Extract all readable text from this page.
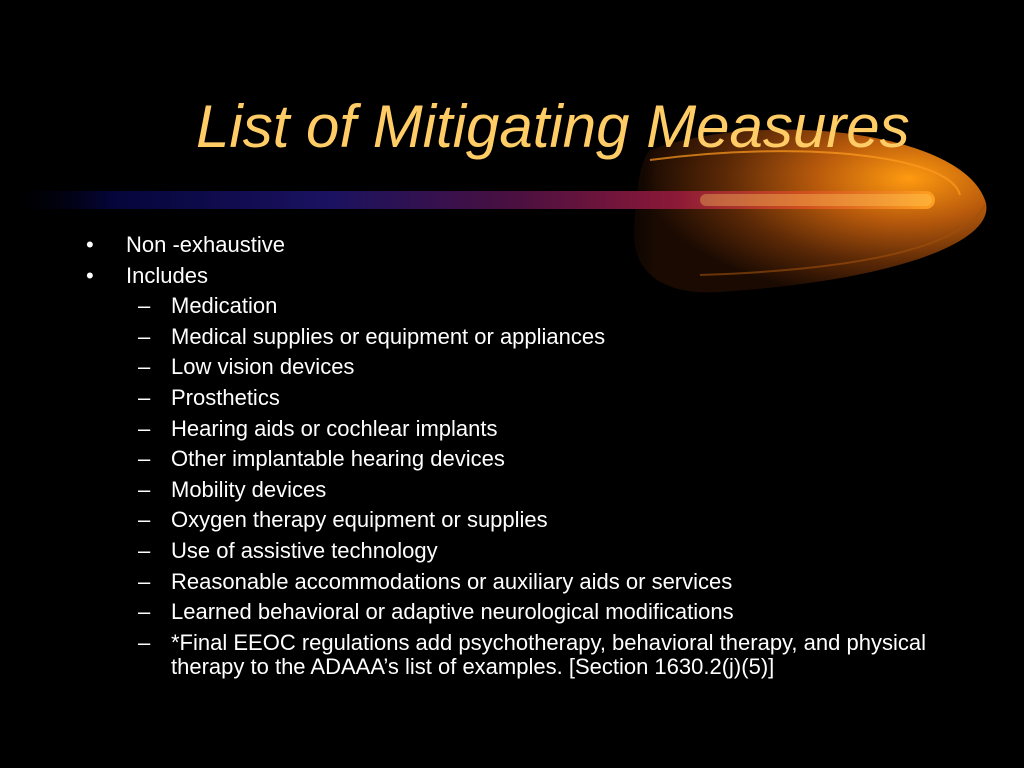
List of Mitigating Measures
•	Non -exhaustive
•	Includes
– Medication
– Medical supplies or equipment or appliances
– Low vision devices
– Prosthetics
– Hearing aids or cochlear implants
– Other implantable hearing devices
– Mobility devices
– Oxygen therapy equipment or supplies
– Use of assistive technology
– Reasonable accommodations or auxiliary aids or services
– Learned behavioral or adaptive neurological modifications
– *Final EEOC regulations add psychotherapy, behavioral therapy, and physical therapy to the ADAAA’s list of examples. [Section 1630.2(j)(5)]
